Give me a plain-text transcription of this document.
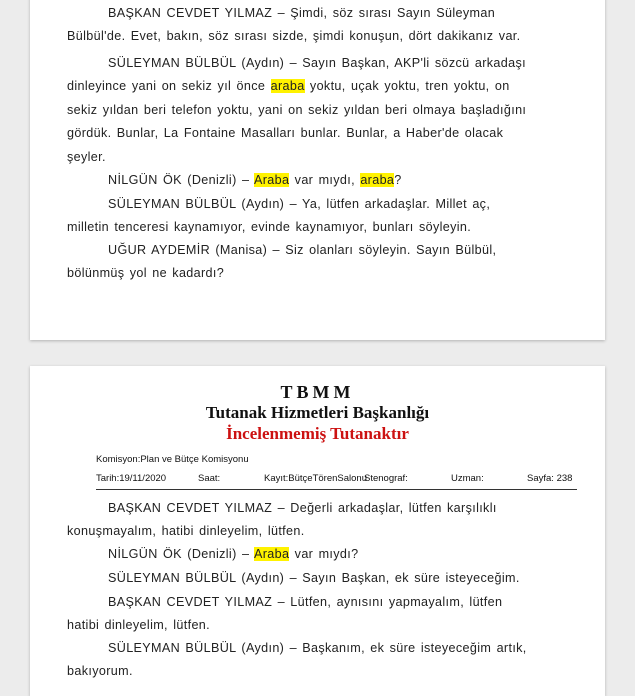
BAŞKAN CEVDET YILMAZ – Şimdi, söz sırası Sayın Süleyman
Bülbül'de. Evet, bakın, söz sırası sizde, şimdi konuşun, dört dakikanız var.
SÜLEYMAN BÜLBÜL (Aydın) – Sayın Başkan, AKP'li sözcü arkadaşı
dinleyince yani on sekiz yıl önce araba yoktu, uçak yoktu, tren yoktu, on
sekiz yıldan beri telefon yoktu, yani on sekiz yıldan beri olmaya başladığını
gördük. Bunlar, La Fontaine Masalları bunlar. Bunlar, a Haber'de olacak
şeyler.
NİLGÜN ÖK (Denizli) – Araba var mıydı, araba?
SÜLEYMAN BÜLBÜL (Aydın) – Ya, lütfen arkadaşlar. Millet aç,
milletin tenceresi kaynamıyor, evinde kaynamıyor, bunları söyleyin.
UĞUR AYDEMİR (Manisa) – Siz olanları söyleyin. Sayın Bülbül,
bölünmüş yol ne kadardı?
TBMM
Tutanak Hizmetleri Başkanlığı
İncelenmemiş Tutanaktır
Komisyon:Plan ve Bütçe Komisyonu
Tarih:19/11/2020	Saat:	Kayıt:BütçeTörenSalonu
Stenograf:	Uzman:	Sayfa: 238
BAŞKAN CEVDET YILMAZ – Değerli arkadaşlar, lütfen karşılıklı
konuşmayalım, hatibi dinleyelim, lütfen.
NİLGÜN ÖK (Denizli) – Araba var mıydı?
SÜLEYMAN BÜLBÜL (Aydın) – Sayın Başkan, ek süre isteyeceğim.
BAŞKAN CEVDET YILMAZ – Lütfen, aynısını yapmayalım, lütfen
hatibi dinleyelim, lütfen.
SÜLEYMAN BÜLBÜL (Aydın) – Başkanım, ek süre isteyeceğim artık,
bakıyorum.
